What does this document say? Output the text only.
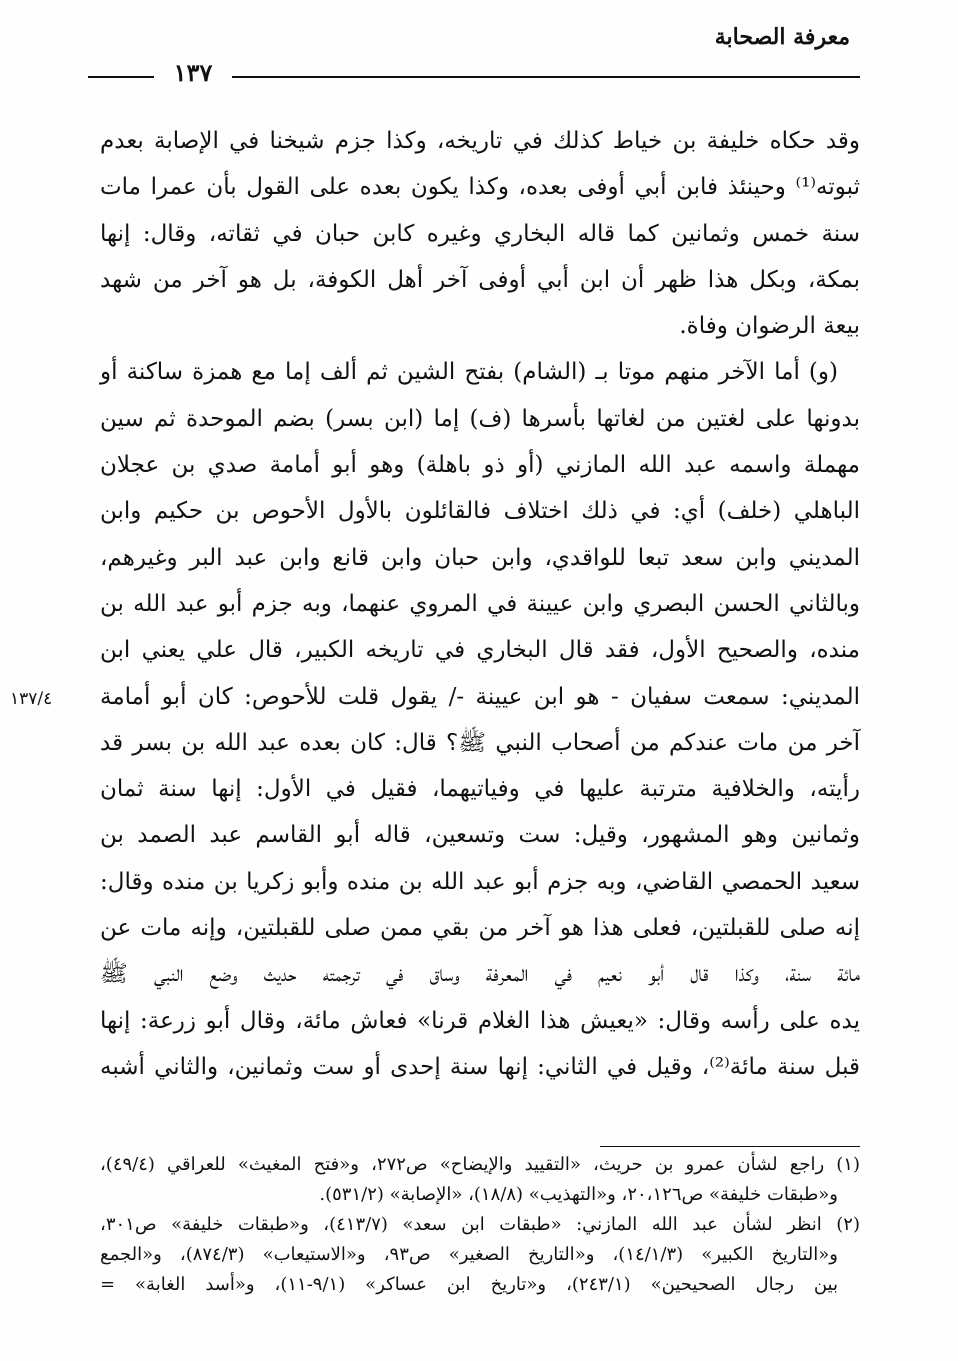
معرفة الصحابة
١٣٧
وقد حكاه خليفة بن خياط كذلك في تاريخه، وكذا جزم شيخنا في الإصابة بعدم
ثبوته⁽¹⁾ وحينئذ فابن أبي أوفى بعده، وكذا يكون بعده على القول بأن عمرا مات
سنة خمس وثمانين كما قاله البخاري وغيره كابن حبان في ثقاته، وقال: إنها
بمكة، وبكل هذا ظهر أن ابن أبي أوفى آخر أهل الكوفة، بل هو آخر من شهد
بيعة الرضوان وفاة.
(و) أما الآخر منهم موتا بـ (الشام) بفتح الشين ثم ألف إما مع همزة ساكنة أو
بدونها على لغتين من لغاتها بأسرها (ف) إما (ابن بسر) بضم الموحدة ثم سين
مهملة واسمه عبد الله المازني (أو ذو باهلة) وهو أبو أمامة صدي بن عجلان
الباهلي (خلف) أي: في ذلك اختلاف فالقائلون بالأول الأحوص بن حكيم وابن
المديني وابن سعد تبعا للواقدي، وابن حبان وابن قانع وابن عبد البر وغيرهم،
وبالثاني الحسن البصري وابن عيينة في المروي عنهما، وبه جزم أبو عبد الله بن
منده، والصحيح الأول، فقد قال البخاري في تاريخه الكبير، قال علي يعني ابن
المديني: سمعت سفيان - هو ابن عيينة -/ يقول قلت للأحوص: كان أبو أمامة
آخر من مات عندكم من أصحاب النبي ﷺ؟ قال: كان بعده عبد الله بن بسر قد
رأيته، والخلافية مترتبة عليها في وفياتيهما، فقيل في الأول: إنها سنة ثمان
وثمانين وهو المشهور، وقيل: ست وتسعين، قاله أبو القاسم عبد الصمد بن
سعيد الحمصي القاضي، وبه جزم أبو عبد الله بن منده وأبو زكريا بن منده وقال:
إنه صلى للقبلتين، فعلى هذا هو آخر من بقي ممن صلى للقبلتين، وإنه مات عن
مائة سنة، وكذا قال أبو نعيم في المعرفة وساق في ترجمته حديث وضع النبي ﷺ
يده على رأسه وقال: «يعيش هذا الغلام قرنا» فعاش مائة، وقال أبو زرعة: إنها
قبل سنة مائة⁽²⁾، وقيل في الثاني: إنها سنة إحدى أو ست وثمانين، والثاني أشبه
١٣٧/٤
(١) راجع لشأن عمرو بن حريث، «التقييد والإيضاح» ص٢٧٢، و«فتح المغيث» للعراقي (٤٩/٤)،
و«طبقات خليفة» ص٢٠،١٢٦، و«التهذيب» (١٨/٨)، «الإصابة» (٥٣١/٢).
(٢) انظر لشأن عبد الله المازني: «طبقات ابن سعد» (٤١٣/٧)، و«طبقات خليفة» ص٣٠١،
و«التاريخ الكبير» (١٤/١/٣)، و«التاريخ الصغير» ص٩٣، و«الاستيعاب» (٨٧٤/٣)، و«الجمع
بين رجال الصحيحين» (٢٤٣/١)، و«تاريخ ابن عساكر» (٩/١-١١)، و«أسد الغابة» =
